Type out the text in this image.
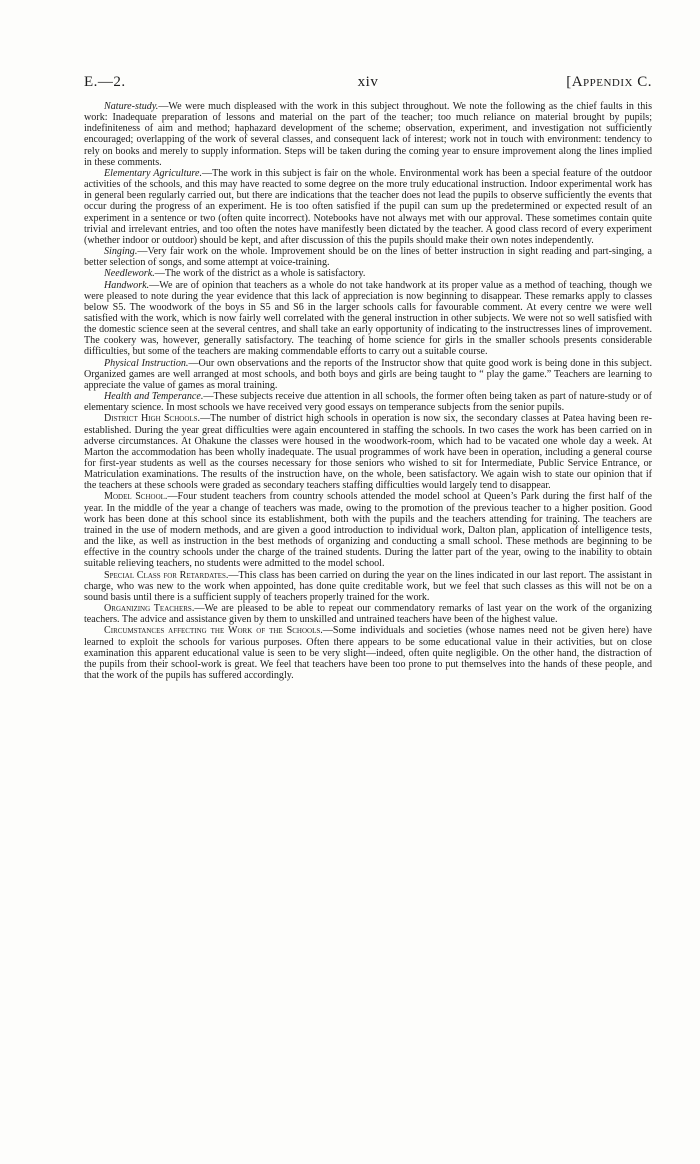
E.—2.	xiv	[Appendix C.

Nature-study.—We were much displeased with the work in this subject throughout. We note the following as the chief faults in this work: Inadequate preparation of lessons and material on the part of the teacher; too much reliance on material brought by pupils; indefiniteness of aim and method; haphazard development of the scheme; observation, experiment, and investigation not sufficiently encouraged; overlapping of the work of several classes, and consequent lack of interest; work not in touch with environment: tendency to rely on books and merely to supply information. Steps will be taken during the coming year to ensure improvement along the lines implied in these comments.

Elementary Agriculture.—The work in this subject is fair on the whole. Environmental work has been a special feature of the outdoor activities of the schools, and this may have reacted to some degree on the more truly educational instruction. Indoor experimental work has in general been regularly carried out, but there are indications that the teacher does not lead the pupils to observe sufficiently the events that occur during the progress of an experiment. He is too often satisfied if the pupil can sum up the predetermined or expected result of an experiment in a sentence or two (often quite incorrect). Notebooks have not always met with our approval. These sometimes contain quite trivial and irrelevant entries, and too often the notes have manifestly been dictated by the teacher. A good class record of every experiment (whether indoor or outdoor) should be kept, and after discussion of this the pupils should make their own notes independently.

Singing.—Very fair work on the whole. Improvement should be on the lines of better instruction in sight reading and part-singing, a better selection of songs, and some attempt at voice-training.

Needlework.—The work of the district as a whole is satisfactory.

Handwork.—We are of opinion that teachers as a whole do not take handwork at its proper value as a method of teaching, though we were pleased to note during the year evidence that this lack of appreciation is now beginning to disappear. These remarks apply to classes below S5. The woodwork of the boys in S5 and S6 in the larger schools calls for favourable comment. At every centre we were well satisfied with the work, which is now fairly well correlated with the general instruction in other subjects. We were not so well satisfied with the domestic science seen at the several centres, and shall take an early opportunity of indicating to the instructresses lines of improvement. The cookery was, however, generally satisfactory. The teaching of home science for girls in the smaller schools presents considerable difficulties, but some of the teachers are making commendable efforts to carry out a suitable course.

Physical Instruction.—Our own observations and the reports of the Instructor show that quite good work is being done in this subject. Organized games are well arranged at most schools, and both boys and girls are being taught to “ play the game.” Teachers are learning to appreciate the value of games as moral training.

Health and Temperance.—These subjects receive due attention in all schools, the former often being taken as part of nature-study or of elementary science. In most schools we have received very good essays on temperance subjects from the senior pupils.

District High Schools.—The number of district high schools in operation is now six, the secondary classes at Patea having been re-established. During the year great difficulties were again encountered in staffing the schools. In two cases the work has been carried on in adverse circumstances. At Ohakune the classes were housed in the woodwork-room, which had to be vacated one whole day a week. At Marton the accommodation has been wholly inadequate. The usual programmes of work have been in operation, including a general course for first-year students as well as the courses necessary for those seniors who wished to sit for Intermediate, Public Service Entrance, or Matriculation examinations. The results of the instruction have, on the whole, been satisfactory. We again wish to state our opinion that if the teachers at these schools were graded as secondary teachers staffing difficulties would largely tend to disappear.

Model School.—Four student teachers from country schools attended the model school at Queen’s Park during the first half of the year. In the middle of the year a change of teachers was made, owing to the promotion of the previous teacher to a higher position. Good work has been done at this school since its establishment, both with the pupils and the teachers attending for training. The teachers are trained in the use of modern methods, and are given a good introduction to individual work, Dalton plan, application of intelligence tests, and the like, as well as instruction in the best methods of organizing and conducting a small school. These methods are beginning to be effective in the country schools under the charge of the trained students. During the latter part of the year, owing to the inability to obtain suitable relieving teachers, no students were admitted to the model school.

Special Class for Retardates.—This class has been carried on during the year on the lines indicated in our last report. The assistant in charge, who was new to the work when appointed, has done quite creditable work, but we feel that such classes as this will not be on a sound basis until there is a sufficient supply of teachers properly trained for the work.

Organizing Teachers.—We are pleased to be able to repeat our commendatory remarks of last year on the work of the organizing teachers. The advice and assistance given by them to unskilled and untrained teachers have been of the highest value.

Circumstances affecting the Work of the Schools.—Some individuals and societies (whose names need not be given here) have learned to exploit the schools for various purposes. Often there appears to be some educational value in their activities, but on close examination this apparent educational value is seen to be very slight—indeed, often quite negligible. On the other hand, the distraction of the pupils from their school-work is great. We feel that teachers have been too prone to put themselves into the hands of these people, and that the work of the pupils has suffered accordingly.
